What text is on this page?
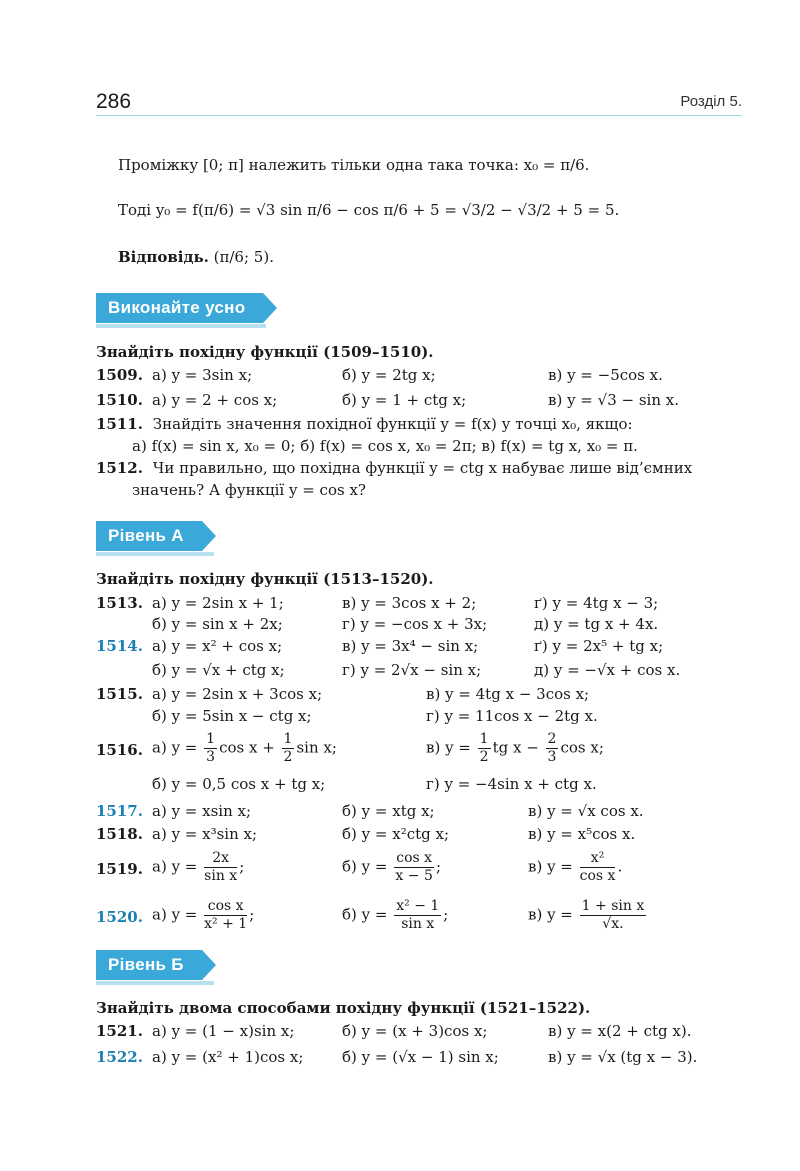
286	Розділ 5.
Проміжку [0; π] належить тільки одна така точка: x₀ = π/6.
Тоді y₀ = f(π/6) = √3 sin π/6 − cos π/6 + 5 = √3/2 − √3/2 + 5 = 5.
Відповідь. (π/6; 5).
Виконайте усно
Знайдіть похідну функції (1509–1510).
1509. а) y = 3sin x;	б) y = 2tg x;	в) y = −5cos x.
1510. а) y = 2 + cos x;	б) y = 1 + ctg x;	в) y = √3 − sin x.
1511. Знайдіть значення похідної функції y = f(x) у точці x₀, якщо:
а) f(x) = sin x, x₀ = 0; б) f(x) = cos x, x₀ = 2π; в) f(x) = tg x, x₀ = π.
1512. Чи правильно, що похідна функції y = ctg x набуває лише від’ємних
значень? А функції y = cos x?
Рівень А
Знайдіть похідну функції (1513–1520).
1513. а) y = 2sin x + 1;	в) y = 3cos x + 2;	ґ) y = 4tg x − 3;
б) y = sin x + 2x;	г) y = −cos x + 3x;	д) y = tg x + 4x.
1514. а) y = x² + cos x;	в) y = 3x⁴ − sin x;	ґ) y = 2x⁵ + tg x;
б) y = √x + ctg x;	г) y = 2√x − sin x;	д) y = −√x + cos x.
1515. а) y = 2sin x + 3cos x;	в) y = 4tg x − 3cos x;
б) y = 5sin x − ctg x;	г) y = 11cos x − 2tg x.
1516. а) $y = \frac{1}{3}$ $\cos x + \frac{1}{2}$ sin x;	в) $y = \frac{1}{2}$ tg $x - \frac{2}{3}$ cos x;
б) y = 0,5 cos x + tg x;	г) y = −4sin x + ctg x.
1517. а) y = xsin x;	б) y = xtg x;	в) y = √x cos x.
1518. а) y = x³sin x;	б) y = x²ctg x;	в) y = x⁵cos x.
1519. а) $y = \frac{2x}{\text{sin x}}$ ;	б) $y = \frac{\text{cos x}}{x - 5}$ ;	в) $y = \frac{\text{x²}}{\text{cos x}}$ .
1520. а) $y = \frac{\text{cos x}}{\text{x² + 1}}$ ;	б) $y = \frac{\text{x² − 1}}{\text{sin x}}$ ;	в) $y = \frac{\text{1 + sin x}}{√x.}$
Рівень Б
Знайдіть двома способами похідну функції (1521–1522).
1521. а) y = (1 − x)sin x;	б) y = (x + 3)cos x;	в) y = x(2 + ctg x).
1522. а) y = (x² + 1)cos x;	б) y = (√x − 1) sin x;	в) y = √x (tg x − 3).
